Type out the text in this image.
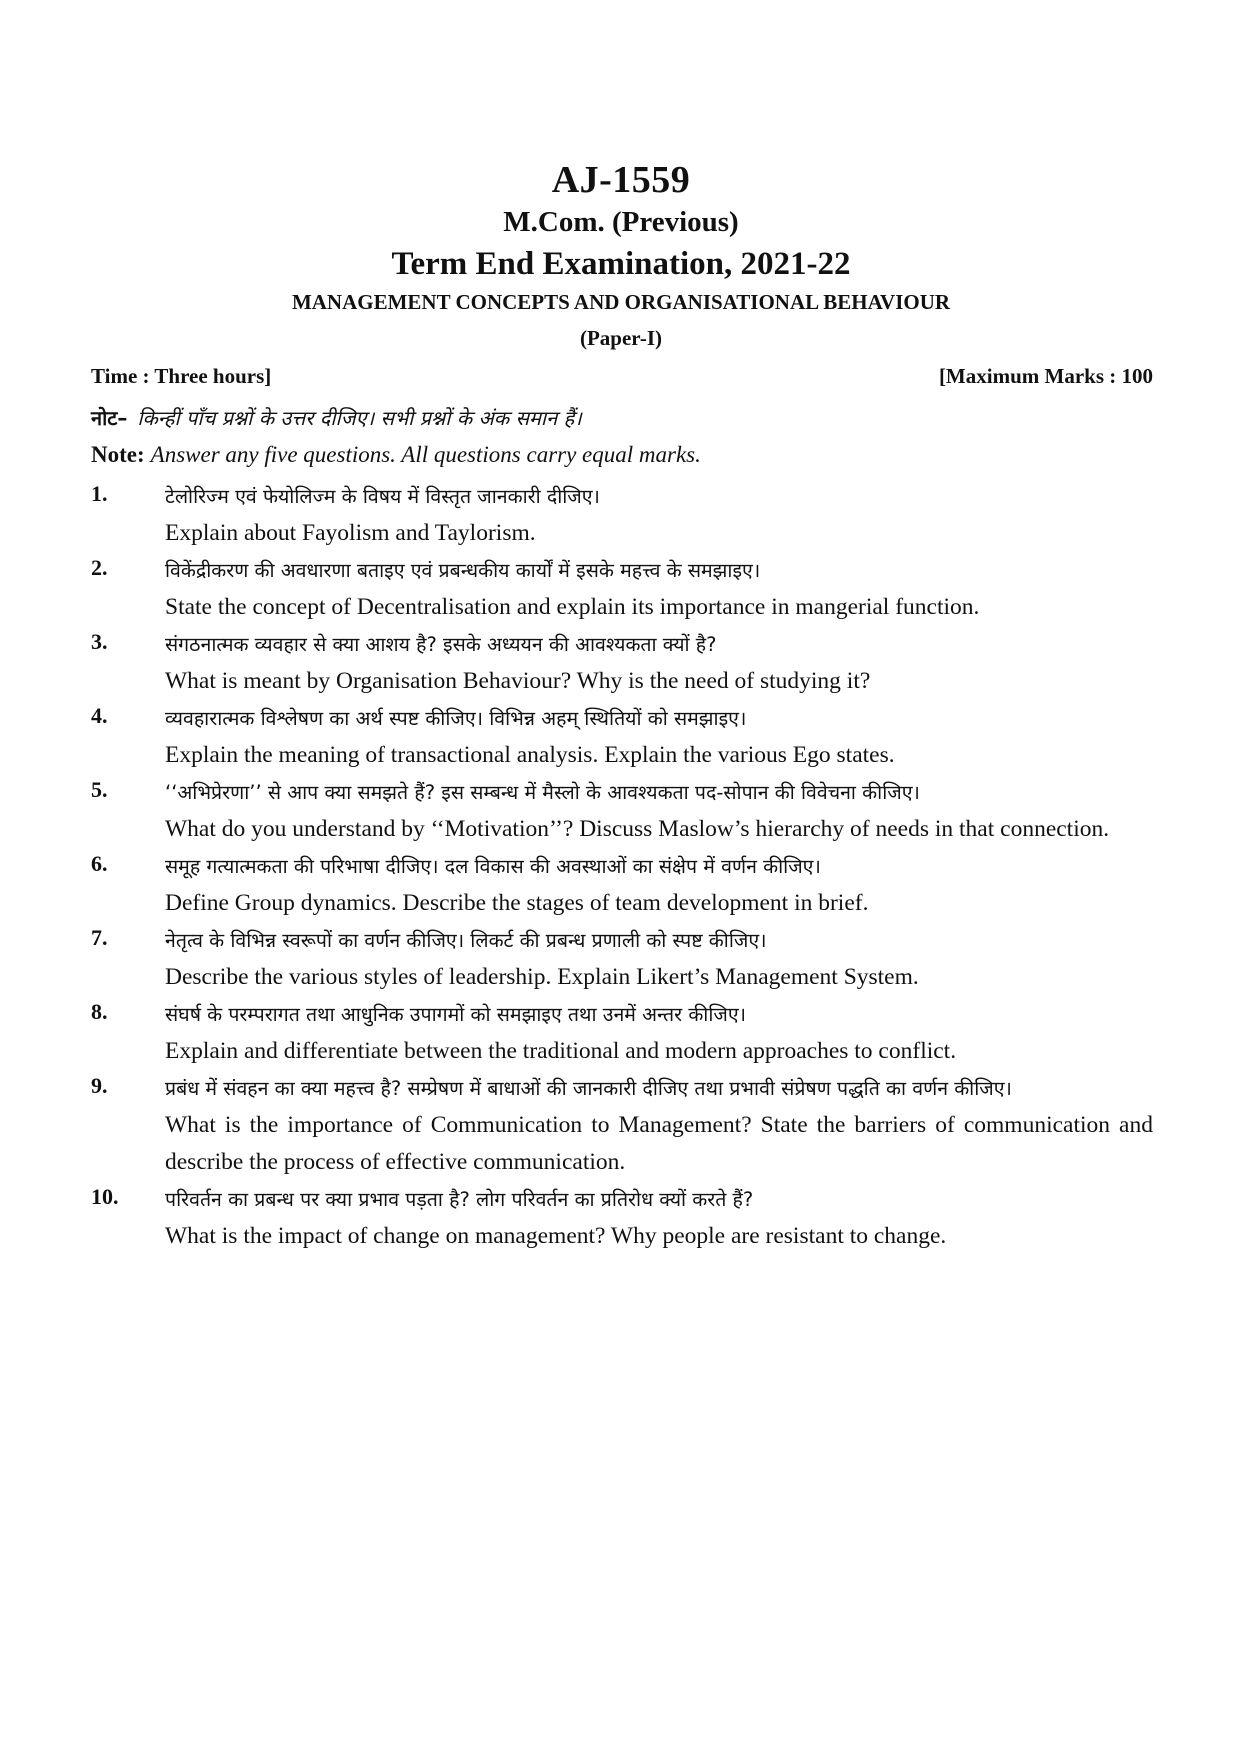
AJ-1559
M.Com. (Previous)
Term End Examination, 2021-22
MANAGEMENT CONCEPTS AND ORGANISATIONAL BEHAVIOUR
(Paper-I)
Time : Three hours]	[Maximum Marks : 100
नोट– किन्हीं पाँच प्रश्नों के उत्तर दीजिए। सभी प्रश्नों के अंक समान हैं।
Note: Answer any five questions. All questions carry equal marks.
1.	टेलोरिज्म एवं फेयोलिज्म के विषय में विस्तृत जानकारी दीजिए।
Explain about Fayolism and Taylorism.
2.	विकेंद्रीकरण की अवधारणा बताइए एवं प्रबन्धकीय कार्यों में इसके महत्त्व के समझाइए।
State the concept of Decentralisation and explain its importance in mangerial function.
3.	संगठनात्मक व्यवहार से क्या आशय है? इसके अध्ययन की आवश्यकता क्यों है?
What is meant by Organisation Behaviour? Why is the need of studying it?
4.	व्यवहारात्मक विश्लेषण का अर्थ स्पष्ट कीजिए। विभिन्न अहम् स्थितियों को समझाइए।
Explain the meaning of transactional analysis. Explain the various Ego states.
5.	‘‘अभिप्रेरणा’’ से आप क्या समझते हैं? इस सम्बन्ध में मैस्लो के आवश्यकता पद-सोपान की विवेचना कीजिए।
What do you understand by ‘‘Motivation’’? Discuss Maslow’s hierarchy of needs in that connection.
6.	समूह गत्यात्मकता की परिभाषा दीजिए। दल विकास की अवस्थाओं का संक्षेप में वर्णन कीजिए।
Define Group dynamics. Describe the stages of team development in brief.
7.	नेतृत्व के विभिन्न स्वरूपों का वर्णन कीजिए। लिकर्ट की प्रबन्ध प्रणाली को स्पष्ट कीजिए।
Describe the various styles of leadership. Explain Likert’s Management System.
8.	संघर्ष के परम्परागत तथा आधुनिक उपागमों को समझाइए तथा उनमें अन्तर कीजिए।
Explain and differentiate between the traditional and modern approaches to conflict.
9.	प्रबंध में संवहन का क्या महत्त्व है? सम्प्रेषण में बाधाओं की जानकारी दीजिए तथा प्रभावी संप्रेषण पद्धति का वर्णन कीजिए।
What is the importance of Communication to Management? State the barriers of communication and describe the process of effective communication.
10. परिवर्तन का प्रबन्ध पर क्या प्रभाव पड़ता है? लोग परिवर्तन का प्रतिरोध क्यों करते हैं?
What is the impact of change on management? Why people are resistant to change.
